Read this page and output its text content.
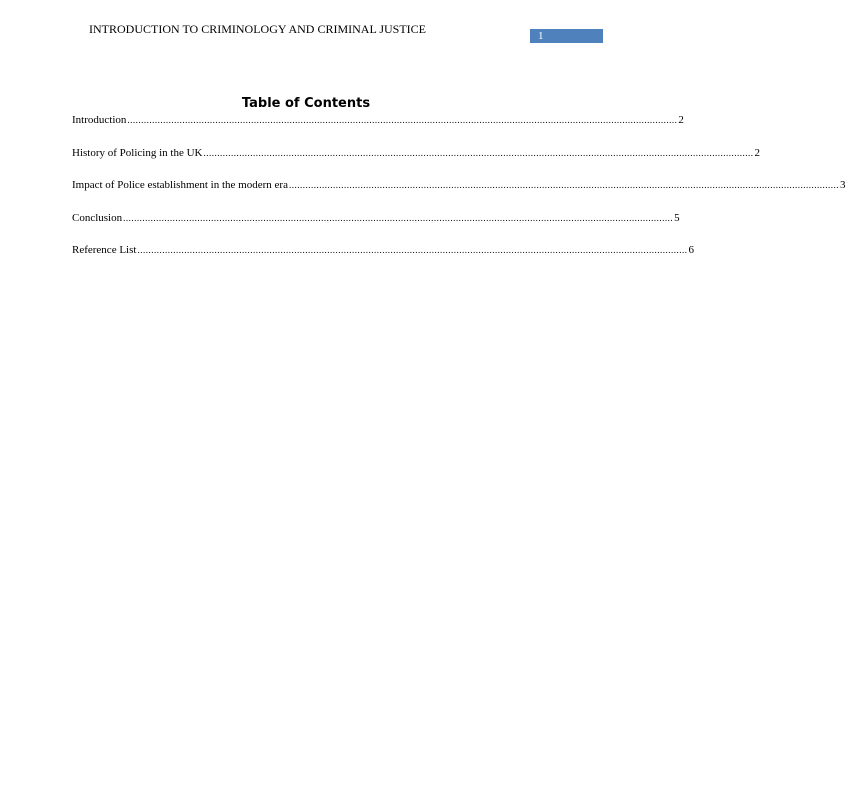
INTRODUCTION TO CRIMINOLOGY AND CRIMINAL JUSTICE	1
Table of Contents
Introduction ........................................................................................................................................................................................................ 2
History of Policing in the UK ........................................................................................................................................................................................................ 2
Impact of Police establishment in the modern era ........................................................................................................................................................................................................ 3
Conclusion ........................................................................................................................................................................................................ 5
Reference List ........................................................................................................................................................................................................ 6
